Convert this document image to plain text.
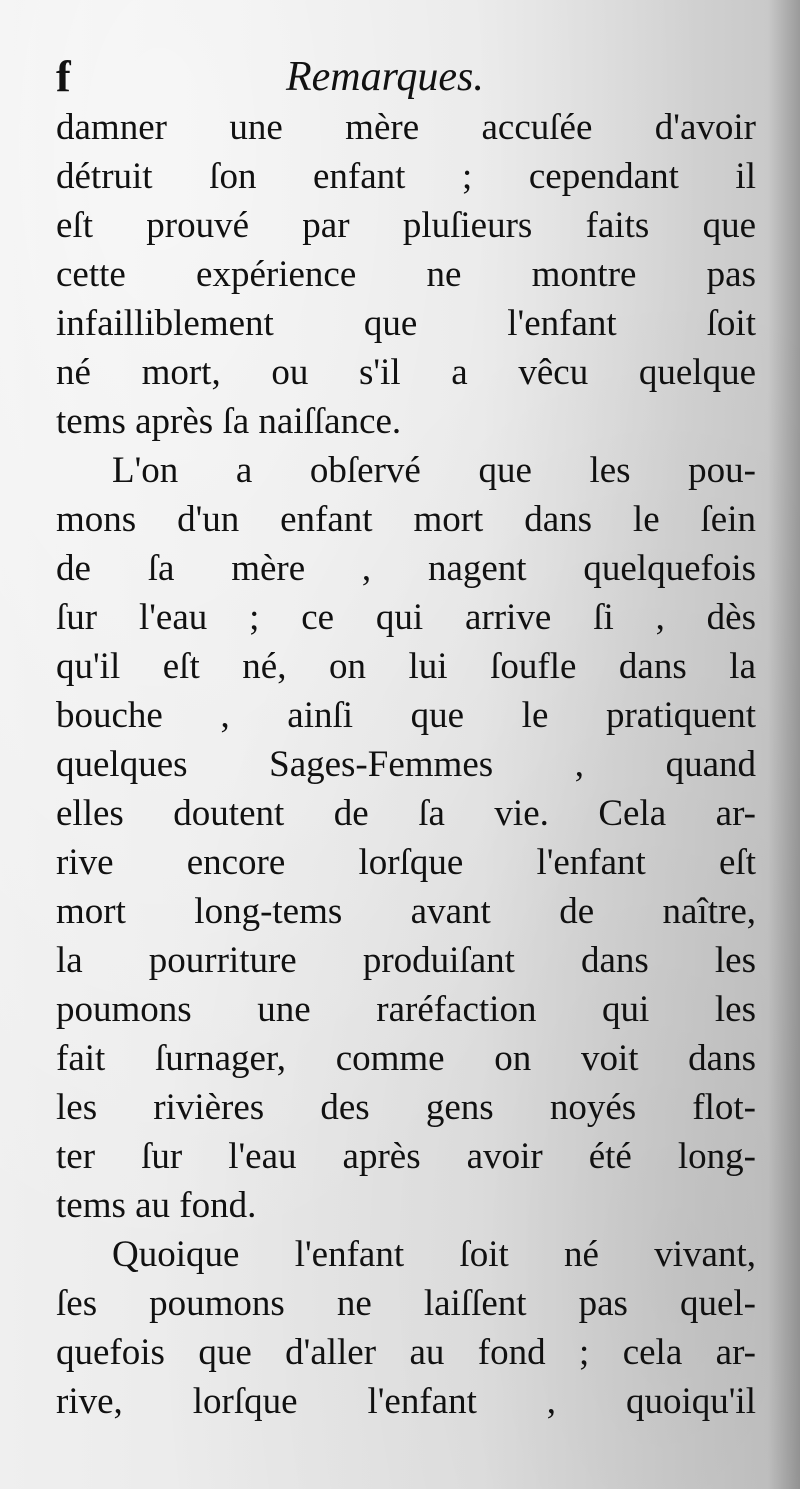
f	Remarques.
damner une mère accuſée d'avoir
détruit ſon enfant ; cependant il
eſt prouvé par pluſieurs faits que
cette expérience ne montre pas
infailliblement que l'enfant ſoit
né mort, ou s'il a vêcu quelque
tems après ſa naiſſance.
L'on a obſervé que les pou-
mons d'un enfant mort dans le ſein
de ſa mère , nagent quelquefois
ſur l'eau ; ce qui arrive ſi , dès
qu'il eſt né, on lui ſoufle dans la
bouche , ainſi que le pratiquent
quelques Sages-Femmes , quand
elles doutent de ſa vie. Cela ar-
rive encore lorſque l'enfant eſt
mort long-tems avant de naître,
la pourriture produiſant dans les
poumons une raréfaction qui les
fait ſurnager, comme on voit dans
les rivières des gens noyés flot-
ter ſur l'eau après avoir été long-
tems au fond.
Quoique l'enfant ſoit né vivant,
ſes poumons ne laiſſent pas quel-
quefois que d'aller au fond ; cela ar-
rive, lorſque l'enfant , quoiqu'il
